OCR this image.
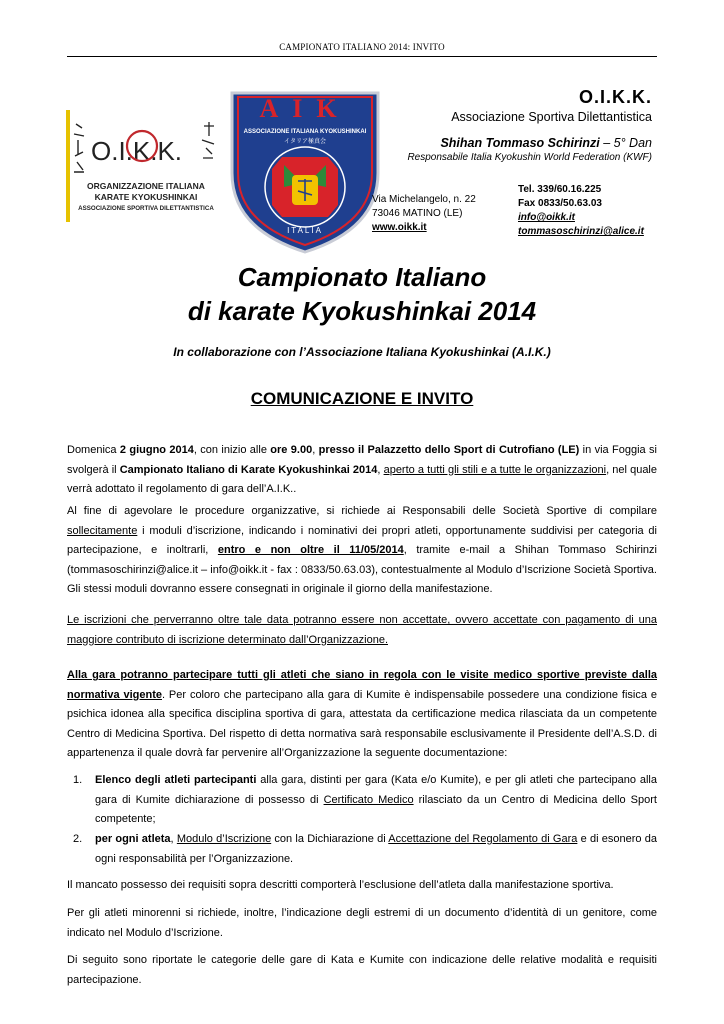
CAMPIONATO ITALIANO 2014: INVITO
O.I.K.K.
ORGANIZZAZIONE ITALIANA
KARATE KYOKUSHINKAI
ASSOCIAZIONE SPORTIVA DILETTANTISTICA
AIK
ASSOCIAZIONE ITALIANA KYOKUSHINKAI
イタリア極真会
ITALIA
O.I.K.K.
Associazione Sportiva Dilettantistica
Shihan Tommaso Schirinzi – 5° Dan
Responsabile Italia Kyokushin World Federation (KWF)
Via Michelangelo, n. 22
73046 MATINO (LE)
www.oikk.it
Tel. 339/60.16.225
Fax 0833/50.63.03
info@oikk.it
tommasoschirinzi@alice.it
Campionato Italiano
di karate Kyokushinkai 2014
In collaborazione con l’Associazione Italiana Kyokushinkai (A.I.K.)
COMUNICAZIONE E INVITO
Domenica 2 giugno 2014, con inizio alle ore 9.00, presso il Palazzetto dello Sport di Cutrofiano (LE) in via Foggia si svolgerà il Campionato Italiano di Karate Kyokushinkai 2014, aperto a tutti gli stili e a tutte le organizzazioni, nel quale verrà adottato il regolamento di gara dell’A.I.K..
Al fine di agevolare le procedure organizzative, si richiede ai Responsabili delle Società Sportive di compilare sollecitamente i moduli d’iscrizione, indicando i nominativi dei propri atleti, opportunamente suddivisi per categoria di partecipazione, e inoltrarli, entro e non oltre il 11/05/2014, tramite e-mail a Shihan Tommaso Schirinzi (tommasoschirinzi@alice.it – info@oikk.it - fax : 0833/50.63.03), contestualmente al Modulo d’Iscrizione Società Sportiva. Gli stessi moduli dovranno essere consegnati in originale il giorno della manifestazione.
Le iscrizioni che perverranno oltre tale data potranno essere non accettate, ovvero accettate con pagamento di una maggiore contributo di iscrizione determinato dall’Organizzazione.
Alla gara potranno partecipare tutti gli atleti che siano in regola con le visite medico sportive previste dalla normativa vigente. Per coloro che partecipano alla gara di Kumite è indispensabile possedere una condizione fisica e psichica idonea alla specifica disciplina sportiva di gara, attestata da certificazione medica rilasciata da un competente Centro di Medicina Sportiva. Del rispetto di detta normativa sarà responsabile esclusivamente il Presidente dell’A.S.D. di appartenenza il quale dovrà far pervenire all’Organizzazione la seguente documentazione:
1. Elenco degli atleti partecipanti alla gara, distinti per gara (Kata e/o Kumite), e per gli atleti che partecipano alla gara di Kumite dichiarazione di possesso di Certificato Medico rilasciato da un Centro di Medicina dello Sport competente;
2. per ogni atleta, Modulo d’Iscrizione con la Dichiarazione di Accettazione del Regolamento di Gara e di esonero da ogni responsabilità per l’Organizzazione.
Il mancato possesso dei requisiti sopra descritti comporterà l’esclusione dell’atleta dalla manifestazione sportiva.
Per gli atleti minorenni si richiede, inoltre, l’indicazione degli estremi di un documento d’identità di un genitore, come indicato nel Modulo d’Iscrizione.
Di seguito sono riportate le categorie delle gare di Kata e Kumite con indicazione delle relative modalità e requisiti partecipazione.
